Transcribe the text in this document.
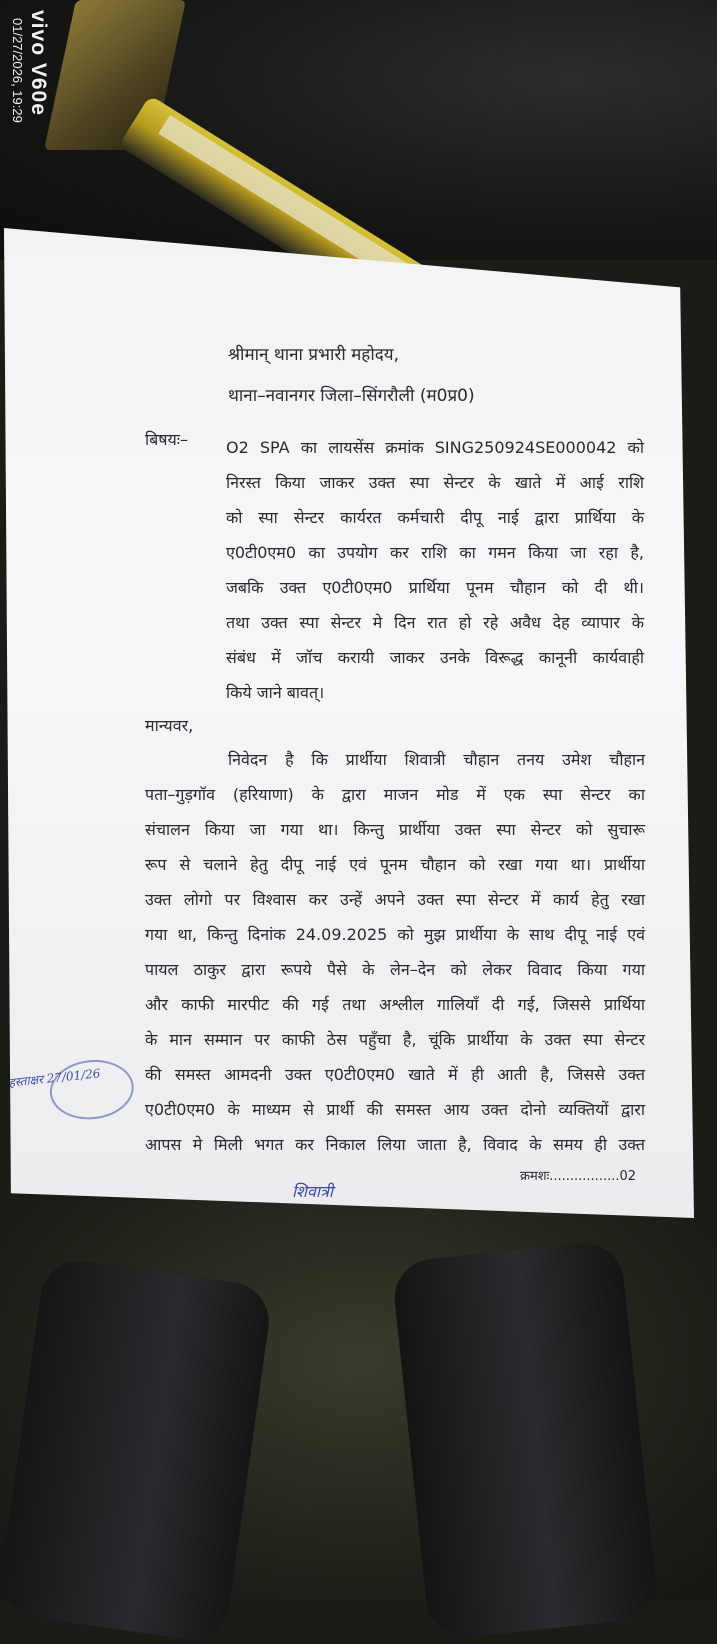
vivo V60e 01/27/2026, 19:29
श्रीमान् थाना प्रभारी महोदय,
थाना–नवानगर जिला–सिंगरौली (म0प्र0)
बिषयः– O2 SPA का लायसेंस क्रमांक SING250924SE000042 को
निरस्त किया जाकर उक्त स्पा सेन्टर के खाते में आई राशि
को स्पा सेन्टर कार्यरत कर्मचारी दीपू नाई द्वारा प्रार्थिया के
ए0टी0एम0 का उपयोग कर राशि का गमन किया जा रहा है,
जबकि उक्त ए0टी0एम0 प्रार्थिया पूनम चौहान को दी थी।
तथा उक्त स्पा सेन्टर मे दिन रात हो रहे अवैध देह व्यापार के
संबंध में जॉच करायी जाकर उनके विरूद्ध कानूनी कार्यवाही
किये जाने बावत्।
मान्यवर,
निवेदन है कि प्रार्थीया शिवात्री चौहान तनय उमेश चौहान
पता–गुड़गॉव (हरियाणा) के द्वारा माजन मोड में एक स्पा सेन्टर का
संचालन किया जा गया था। किन्तु प्रार्थीया उक्त स्पा सेन्टर को सुचारू
रूप से चलाने हेतु दीपू नाई एवं पूनम चौहान को रखा गया था। प्रार्थीया
उक्त लोगो पर विश्वास कर उन्हें अपने उक्त स्पा सेन्टर में कार्य हेतु रखा
गया था, किन्तु दिनांक 24.09.2025 को मुझ प्रार्थीया के साथ दीपू नाई एवं
पायल ठाकुर द्वारा रूपये पैसे के लेन–देन को लेकर विवाद किया गया
और काफी मारपीट की गई तथा अश्लील गालियाँ दी गई, जिससे प्रार्थिया
के मान सम्मान पर काफी ठेस पहुँचा है, चूंकि प्रार्थीया के उक्त स्पा सेन्टर
की समस्त आमदनी उक्त ए0टी0एम0 खाते में ही आती है, जिससे उक्त
ए0टी0एम0 के माध्यम से प्रार्थी की समस्त आय उक्त दोनो व्यक्तियों द्वारा
आपस मे मिली भगत कर निकाल लिया जाता है, विवाद के समय ही उक्त
क्रमशः.................02
हस्ताक्षर 27/01/26
शिवात्री
